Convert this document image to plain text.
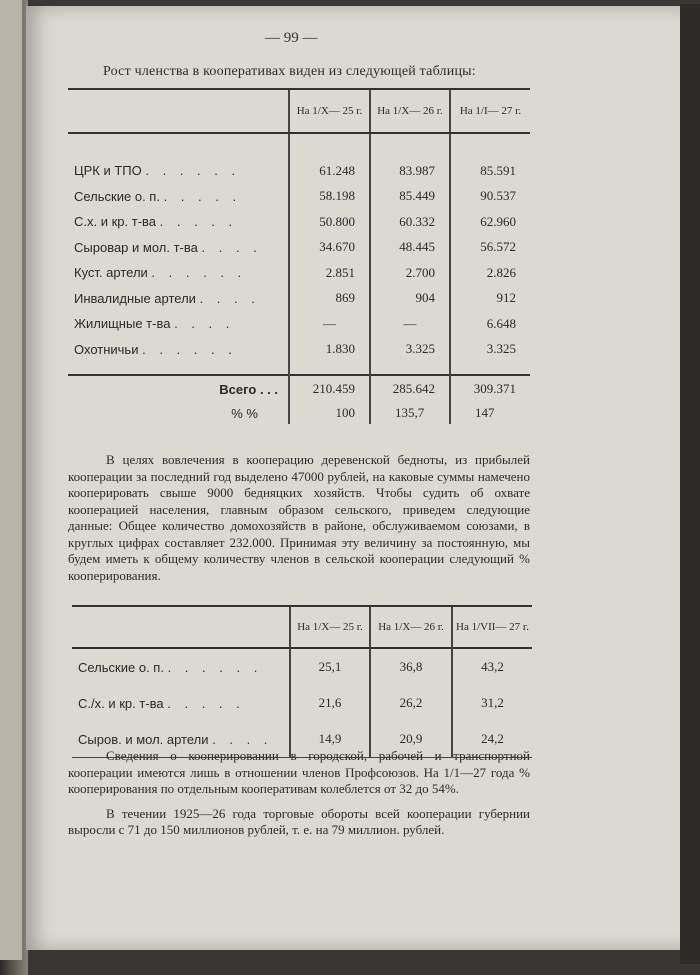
— 99 —
Рост членства в кооперативах виден из следующей таблицы:
	На 1/X— 25 г.	На 1/X— 26 г.	На 1/I— 27 г.

ЦРК и ТПО . . . . . .	61.248	83.987	85.591
Сельские о. п. . . . . .	58.198	85.449	90.537
С.х. и кр. т-ва . . . . .	50.800	60.332	62.960
Сыровар и мол. т-ва . . . .	34.670	48.445	56.572
Куст. артели . . . . . .	2.851	2.700	2.826
Инвалидные артели . . . .	869	904	912
Жилищные т-ва . . . .	—	—	6.648
Охотничьи . . . . . .	1.830	3.325	3.325

Всего . . .	210.459	285.642	309.371
% %	100	135,7	147

В целях вовлечения в кооперацию деревенской бедноты, из прибылей кооперации за последний год выделено 47000 рублей, на каковые суммы намечено кооперировать свыше 9000 бедняцких хозяйств. Чтобы судить об охвате кооперацией населения, главным образом сельского, приведем следующие данные: Общее количество домохозяйств в районе, обслуживаемом союзами, в круглых цифрах составляет 232.000. Принимая эту величину за постоянную, мы будем иметь к общему количеству членов в сельской кооперации следующий % кооперирования.

	На 1/X— 25 г.	На 1/X— 26 г.	На 1/VII— 27 г.
Сельские о. п. . . . . . .	25,1	36,8	43,2
С./х. и кр. т-ва . . . . .	21,6	26,2	31,2
Сыров. и мол. артели . . . .	14,9	20,9	24,2

Сведения о кооперировании в городской, рабочей и транспортной кооперации имеются лишь в отношении членов Профсоюзов. На 1/1—27 года % кооперирования по отдельным кооперативам колеблется от 32 до 54%.

В течении 1925—26 года торговые обороты всей кооперации губернии выросли с 71 до 150 миллионов рублей, т. е. на 79 миллион. рублей.
